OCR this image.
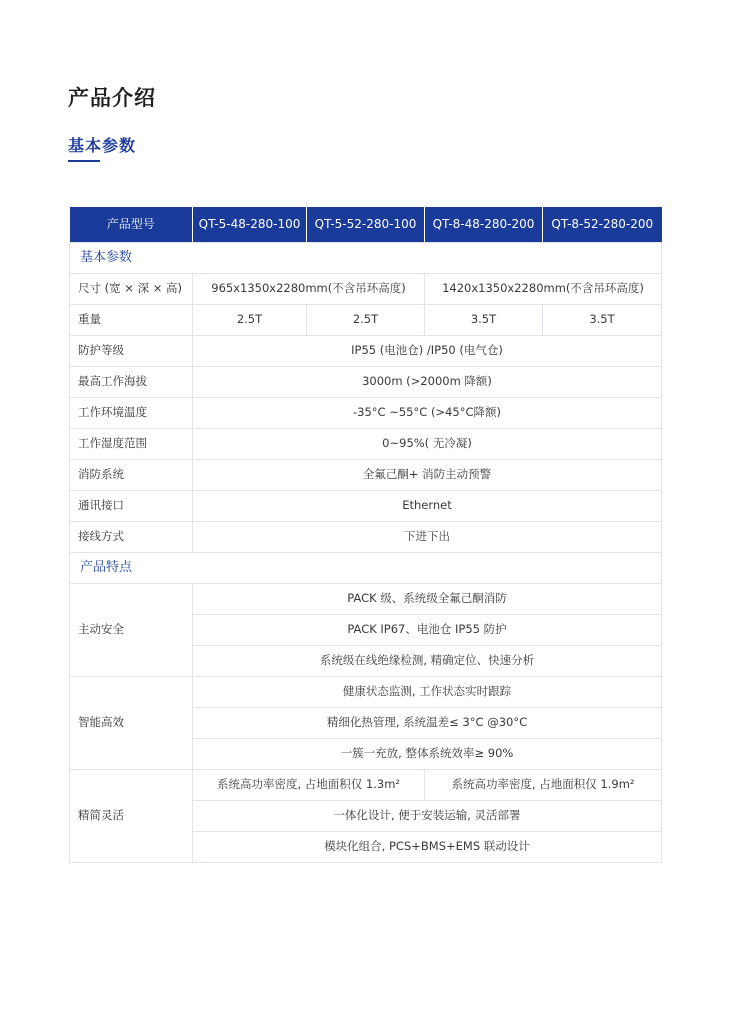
产品介绍
基本参数
产品型号	QT-5-48-280-100	QT-5-52-280-100	QT-8-48-280-200	QT-8-52-280-200
基本参数				
尺寸 (宽 × 深 × 高)	965x1350x2280mm(不含吊环高度)		1420x1350x2280mm(不含吊环高度)	
重量	2.5T	2.5T	3.5T	3.5T
防护等级	IP55 (电池仓) /IP50 (电气仓)			
最高工作海拔	3000m (>2000m 降额)			
工作环境温度	-35°C ~55°C (>45°C降额)			
工作湿度范围	0~95%( 无冷凝)			
消防系统	全氟己酮+ 消防主动预警			
通讯接口	Ethernet			
接线方式	下进下出			
产品特点				
主动安全	PACK 级、系统级全氟己酮消防			
	PACK IP67、电池仓 IP55 防护			
	系统级在线绝缘检测, 精确定位、快速分析			
智能高效	健康状态监测, 工作状态实时跟踪			
	精细化热管理, 系统温差≤ 3°C @30°C			
	一簇一充放, 整体系统效率≥ 90%			
精简灵活	系统高功率密度, 占地面积仅 1.3m²		系统高功率密度, 占地面积仅 1.9m²	
	一体化设计, 便于安装运输, 灵活部署			
	模块化组合, PCS+BMS+EMS 联动设计			
